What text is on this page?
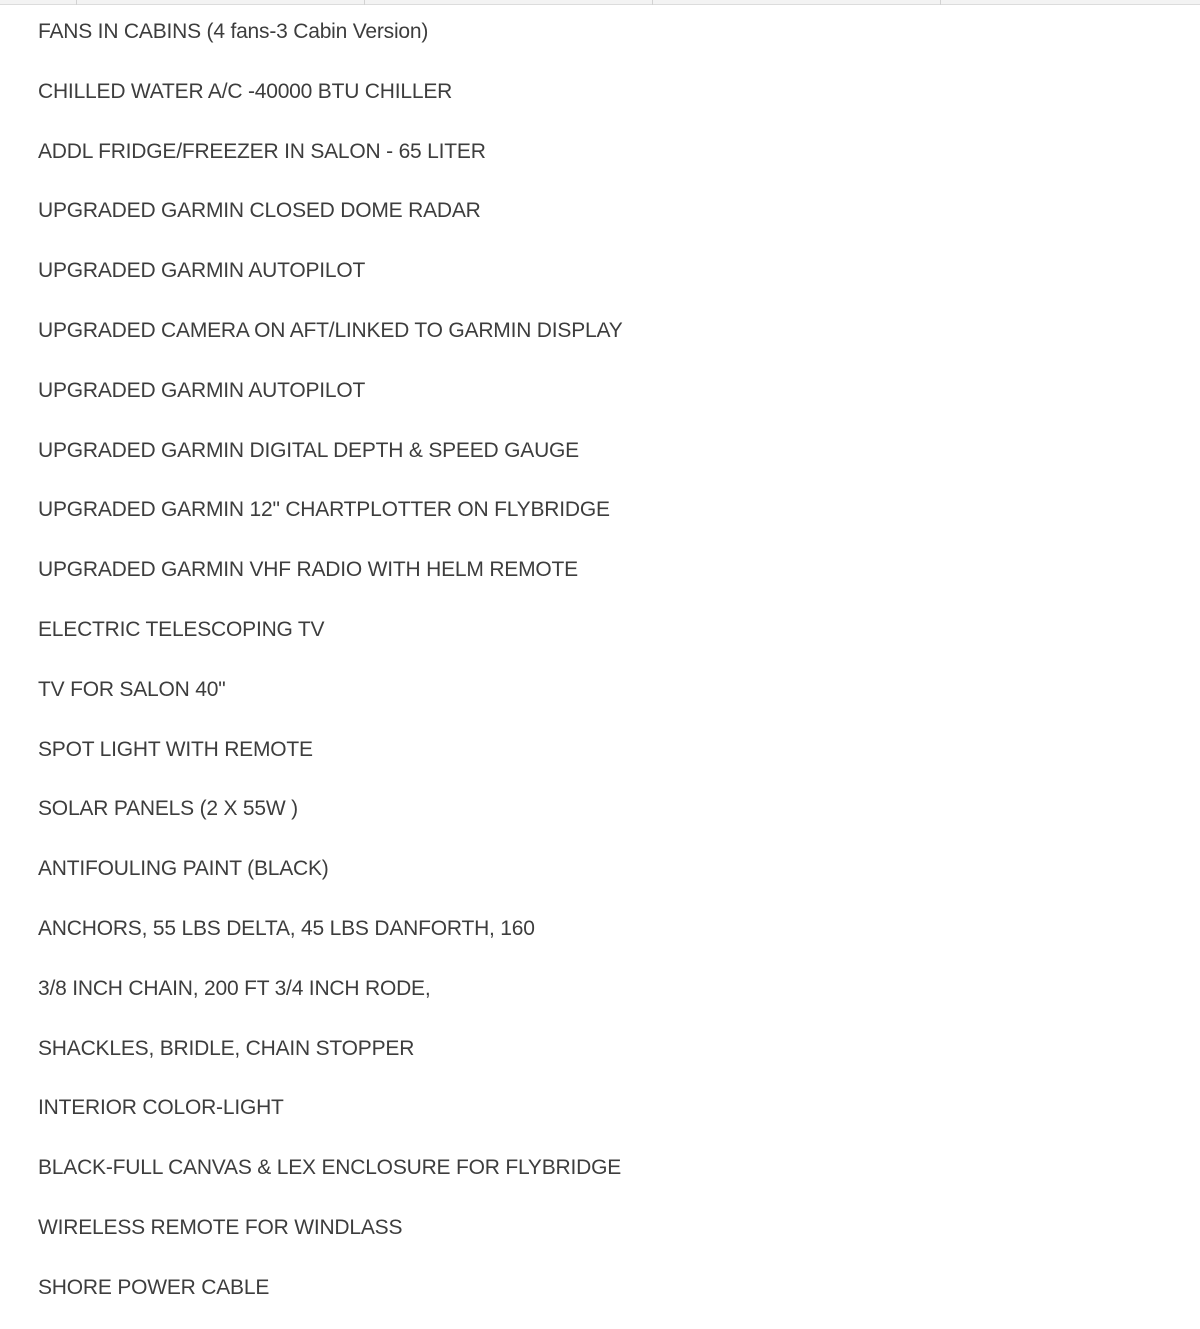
FANS IN CABINS (4 fans-3 Cabin Version)
CHILLED WATER A/C -40000 BTU CHILLER
ADDL FRIDGE/FREEZER IN SALON - 65 LITER
UPGRADED GARMIN CLOSED DOME RADAR
UPGRADED GARMIN AUTOPILOT
UPGRADED CAMERA ON AFT/LINKED TO GARMIN DISPLAY
UPGRADED GARMIN AUTOPILOT
UPGRADED GARMIN DIGITAL DEPTH & SPEED GAUGE
UPGRADED GARMIN 12" CHARTPLOTTER ON FLYBRIDGE
UPGRADED GARMIN VHF RADIO WITH HELM REMOTE
ELECTRIC TELESCOPING TV
TV FOR SALON 40"
SPOT LIGHT WITH REMOTE
SOLAR PANELS (2 X 55W )
ANTIFOULING PAINT (BLACK)
ANCHORS, 55 LBS DELTA, 45 LBS DANFORTH, 160
3/8 INCH CHAIN, 200 FT 3/4 INCH RODE,
SHACKLES, BRIDLE, CHAIN STOPPER
INTERIOR COLOR-LIGHT
BLACK-FULL CANVAS & LEX ENCLOSURE FOR FLYBRIDGE
WIRELESS REMOTE FOR WINDLASS
SHORE POWER CABLE
